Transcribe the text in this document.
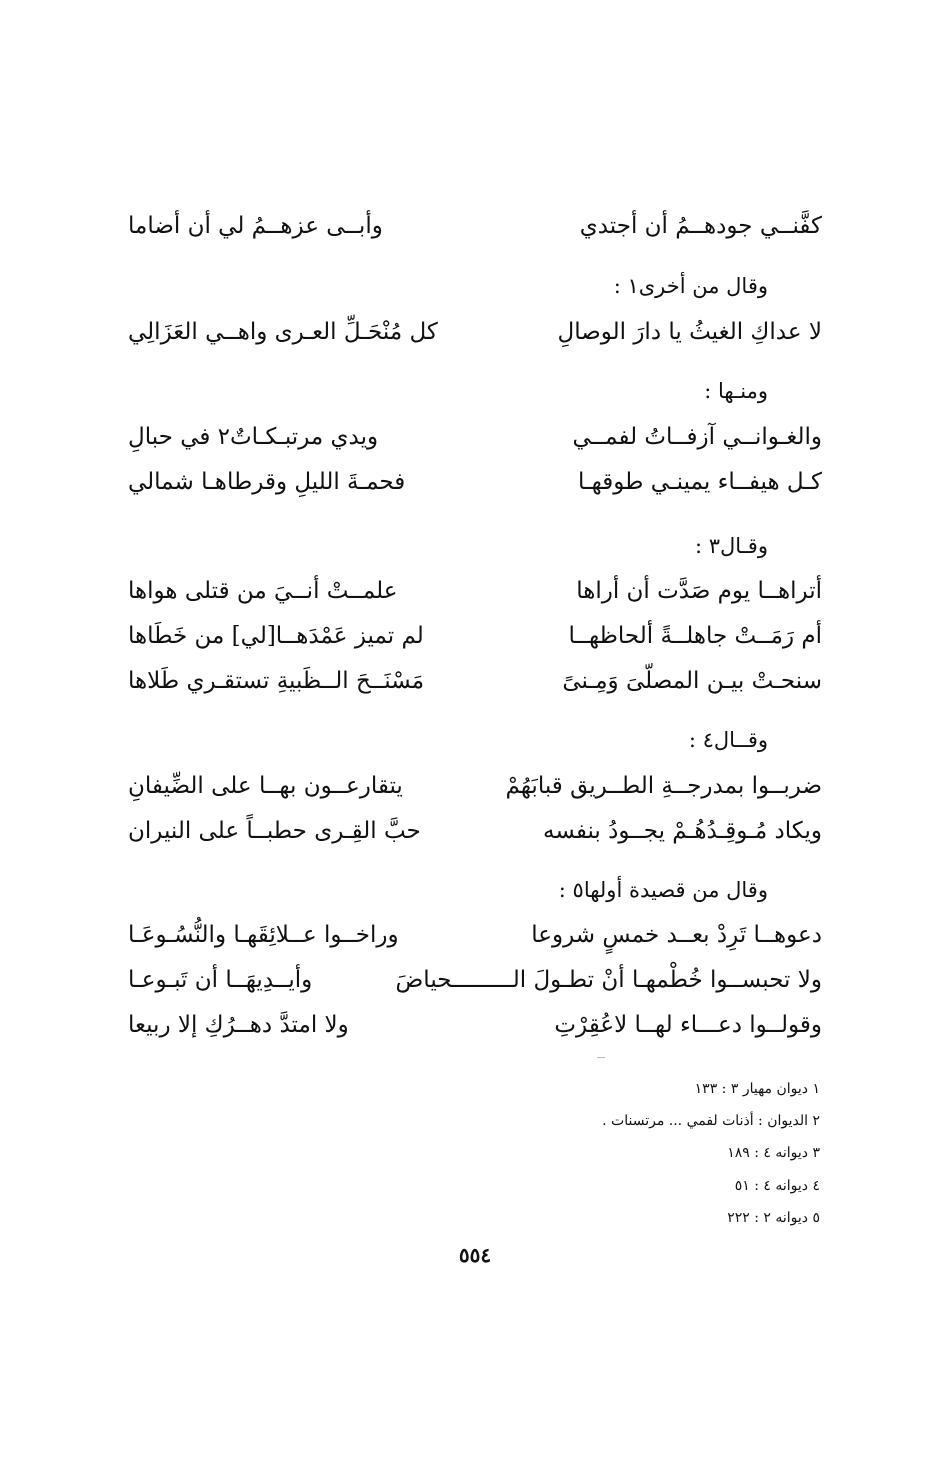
كفَّنــي جودهــمُ أن أجتدي
وأبــى عزهــمُ لي أن أضاما
وقال من أخرى١ :
لا عداكِ الغيثُ يا دارَ الوصالِ
كل مُنْحَـلِّ العـرى واهــي العَزَالِي
ومنـها :
والغـوانــي آزفــاتُ لفمــي
ويدي مرتبـكـاتٌ٢ في حبالِ
كـل هيفــاء يمينـي طوقهـا
فحمـةَ الليلِ وقرطاهـا شمالي
وقـال٣ :
أتراهــا يوم صَدَّت أن أراها
علمــتْ أنــيَ من قتلى هواها
أم رَمَــتْ جاهلــةً ألحاظهــا
لم تميز عَمْدَهــا[لي] من خَطَاها
سنحـتْ بيـن المصلّىَ وَمِـنىً
مَسْنَــحَ الــظَبيةِ تستقـري طَلاها
وقــال٤ :
ضربــوا بمدرجــةِ الطــريق قبابَهُمْ
يتقارعــون بهــا على الضِّيفانِ
ويكاد مُـوقِـدُهُـمْ يجــودُ بنفسه
حبَّ القِـرى حطبــاً على النيران
وقال من قصيدة أولها٥ :
دعوهــا تَرِدْ بعــد خمسٍ شروعا
وراخــوا عــلائِقَهـا والنُّسُـوعَـا
ولا تحبســوا خُطْمهـا أنْ تطـولَ الـــــــــحياضَ
وأيــدِيهَــا أن تَبـوعـا
وقولــوا دعـــاء لهــا لاعُقِرْتِ
ولا امتدَّ دهــرُكِ إلا ربيعا
١ ديوان مهيار ٣ : ١٣٣
٢ الديوان : أذنات لفمي ... مرتسنات .
٣ ديوانه ٤ : ١٨٩
٤ ديوانه ٤ : ٥١
٥ ديوانه ٢ : ٢٢٢
٥٥٤
